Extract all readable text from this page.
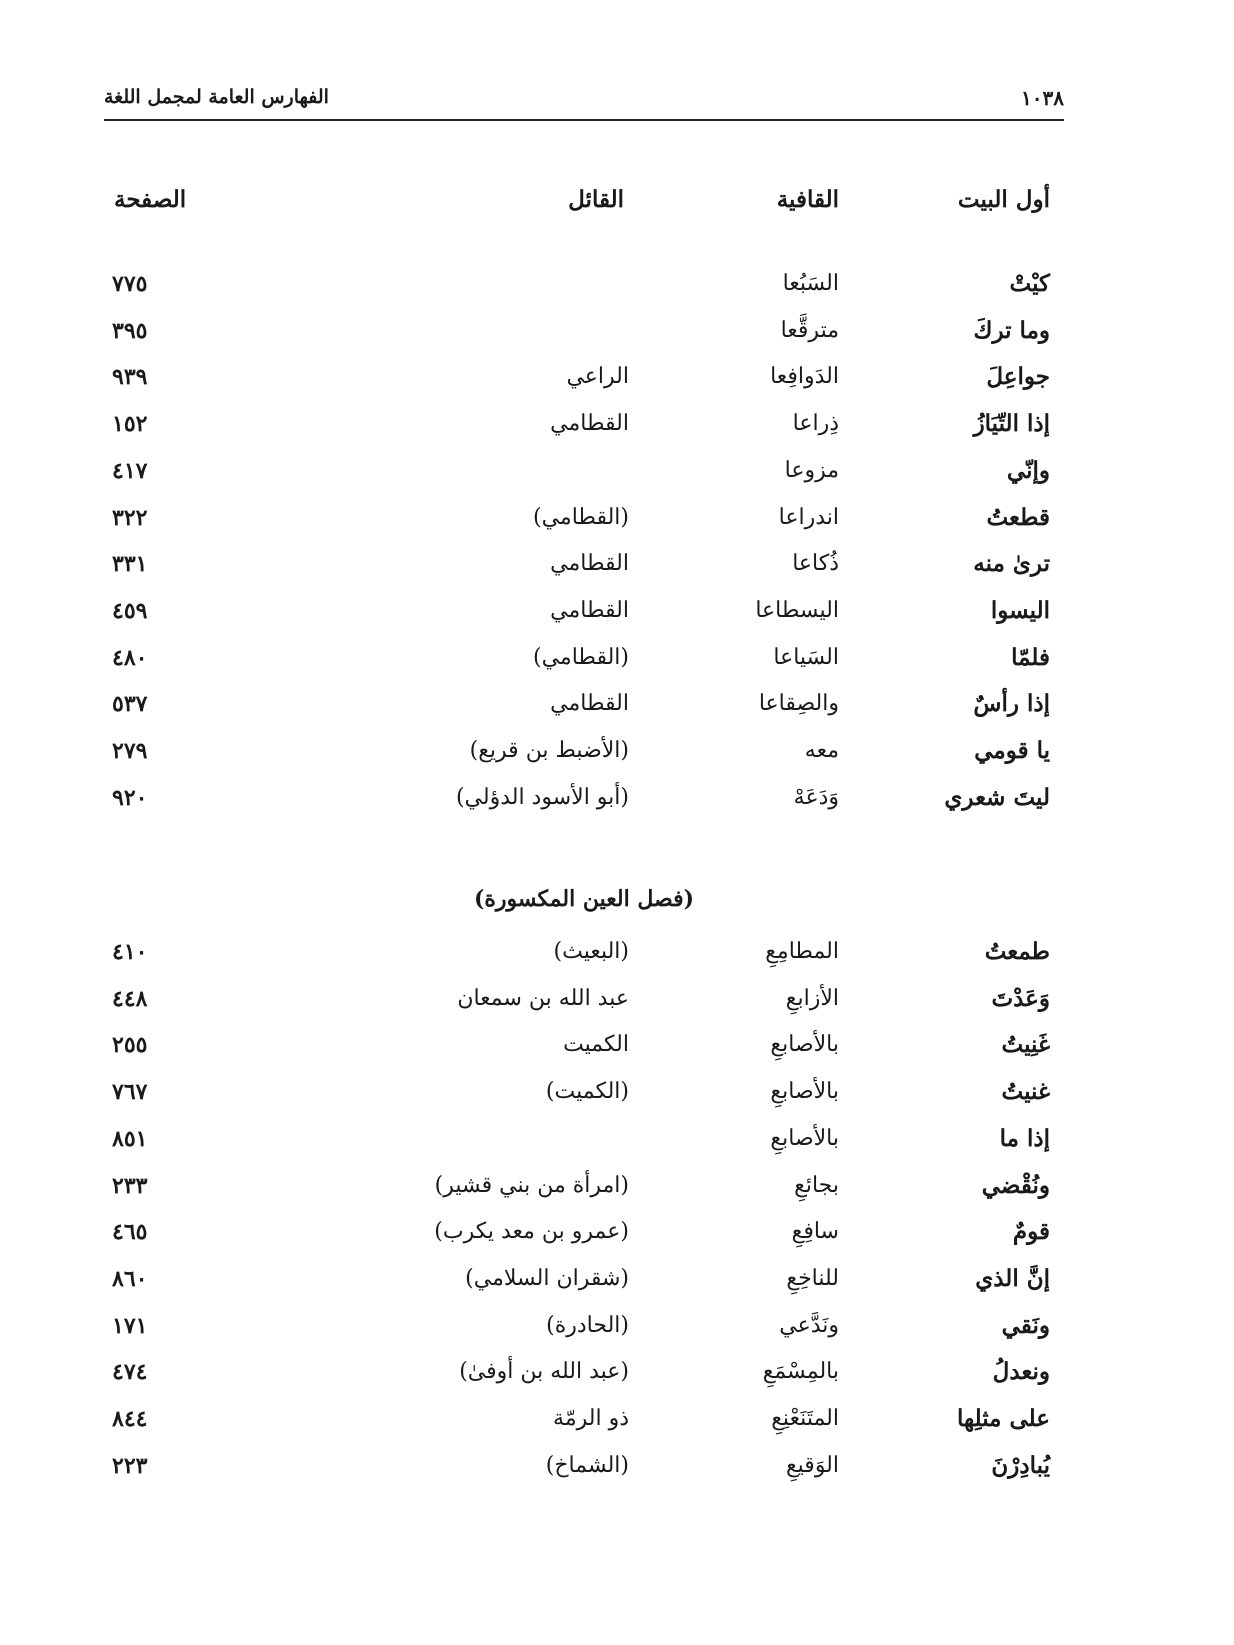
الفهارس العامة لمجمل اللغة	١٠٣٨
أول البيت
القافية
القائل
الصفحة
كيْتْ
السَبُعا
٧٧٥
وما تركَ
مترقَّعا
٣٩٥
جواعِلَ
الدَوافِعا
الراعي
٩٣٩
إذا التّيَازُ
ذِراعا
القطامي
١٥٢
وإنّي
مزوعا
٤١٧
قطعتُ
اندراعا
(القطامي)
٣٢٢
ترىٰ منه
ذُكاعا
القطامي
٣٣١
اليسوا
اليسطاعا
القطامي
٤٥٩
فلمّا
السَياعا
(القطامي)
٤٨٠
إذا رأسٌ
والصِقاعا
القطامي
٥٣٧
يا قومي
معه
(الأضبط بن قريع)
٢٧٩
ليتَ شعري
وَدَعَهْ
(أبو الأسود الدؤلي)
٩٢٠
(فصل العين المكسورة)
طمعتُ
المطامِعِ
(البعيث)
٤١٠
وَعَدْتَ
الأزابعِ
عبد الله بن سمعان
٤٤٨
غَنِيتُ
بالأصابعِ
الكميت
٢٥٥
غنيتُ
بالأصابعِ
(الكميت)
٧٦٧
إذا ما
بالأصابعِ
٨٥١
ونُقْضي
بجائعِ
(امرأة من بني قشير)
٢٣٣
قومٌ
سافِعِ
(عمرو بن معد يكرب)
٤٦٥
إنَّ الذي
للناخِعِ
(شقران السلامي)
٨٦٠
ونَقي
ونَدَّعي
(الحادرة)
١٧١
ونعدلُ
بالمِسْمَعِ
(عبد الله بن أوفىٰ)
٤٧٤
على مثلِها
المتَنَعْنِعِ
ذو الرمّة
٨٤٤
يُبادِرْنَ
الوَقيعِ
(الشماخ)
٢٢٣
